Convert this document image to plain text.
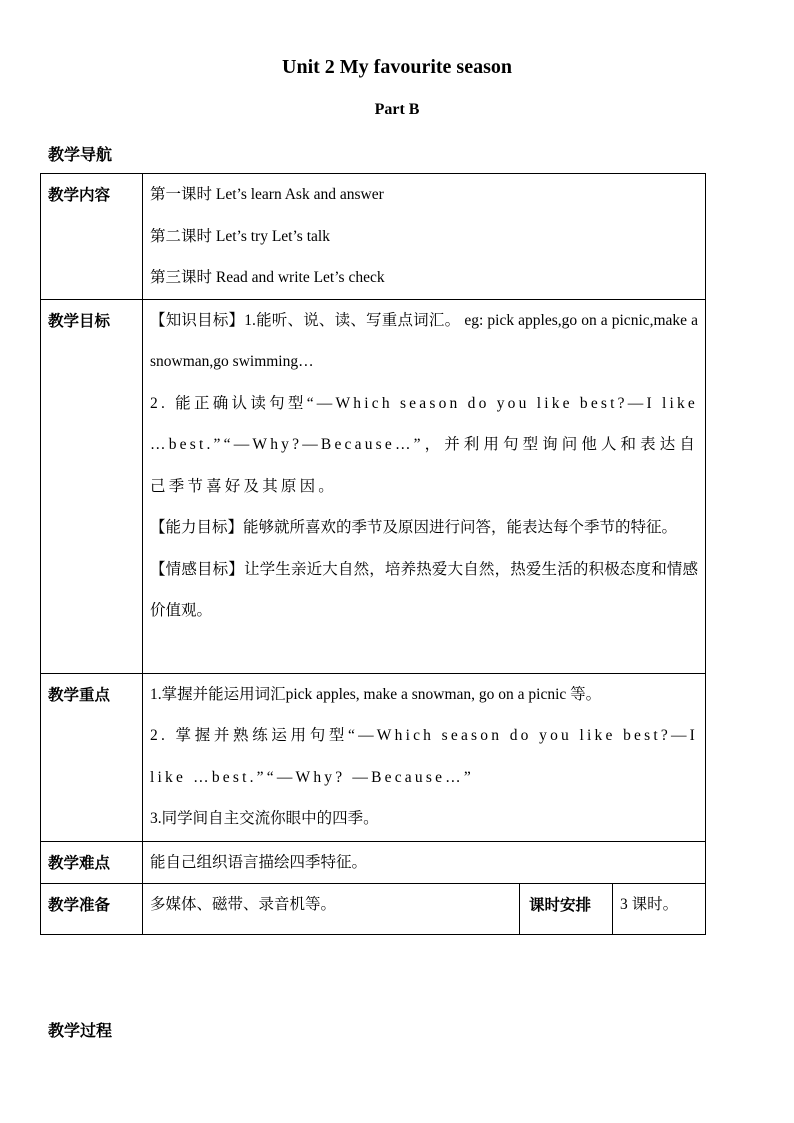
Unit 2 My favourite season
Part B
教学导航
教学内容	第一课时 Let’s learn Ask and answer
第二课时 Let’s try Let’s talk
第三课时 Read and write Let’s check		

教学目标	【知识目标】1.能听、说、读、写重点词汇。 eg: pick apples,go on a picnic,make a snowman,go swimming…
2. 能正确认读句型“—Which season do you like best?—I like …best.”“—Why?—Because…”，并利用句型询问他人和表达自己季节喜好及其原因。
【能力目标】能够就所喜欢的季节及原因进行问答，能表达每个季节的特征。
【情感目标】让学生亲近大自然，培养热爱大自然，热爱生活的积极态度和情感价值观。		

教学重点	1.掌握并能运用词汇pick apples, make a snowman, go on a picnic 等。
2. 掌握并熟练运用句型“—Which season do you like best?—I like …best.”“—Why? —Because…”
3.同学间自主交流你眼中的四季。		

教学难点	能自己组织语言描绘四季特征。		

教学准备	多媒体、磁带、录音机等。	课时安排	3 课时。
教学过程
